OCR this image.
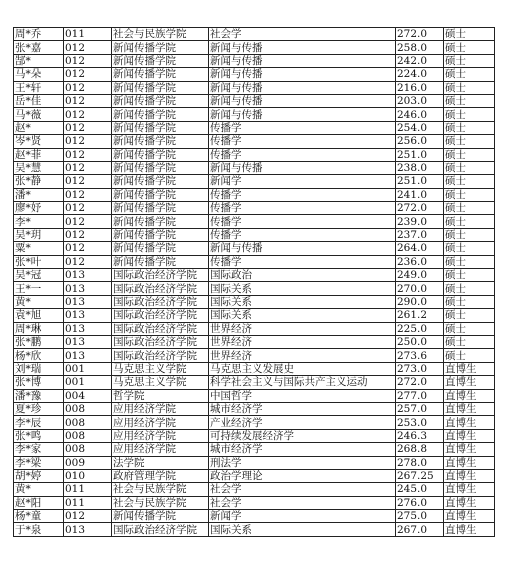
周*乔	011	社会与民族学院	社会学	272.0	硕士
张*嘉	012	新闻传播学院	新闻与传播	258.0	硕士
郜*	012	新闻传播学院	新闻与传播	242.0	硕士
马*朵	012	新闻传播学院	新闻与传播	224.0	硕士
王*轩	012	新闻传播学院	新闻与传播	216.0	硕士
岳*佳	012	新闻传播学院	新闻与传播	203.0	硕士
马*薇	012	新闻传播学院	新闻与传播	246.0	硕士
赵*	012	新闻传播学院	传播学	254.0	硕士
岑*贤	012	新闻传播学院	传播学	256.0	硕士
赵*菲	012	新闻传播学院	传播学	251.0	硕士
吴*慧	012	新闻传播学院	新闻与传播	238.0	硕士
张*静	012	新闻传播学院	新闻学	251.0	硕士
潘*	012	新闻传播学院	传播学	241.0	硕士
廖*妤	012	新闻传播学院	传播学	272.0	硕士
李*	012	新闻传播学院	传播学	239.0	硕士
吴*玥	012	新闻传播学院	传播学	237.0	硕士
粟*	012	新闻传播学院	新闻与传播	264.0	硕士
张*叶	012	新闻传播学院	传播学	236.0	硕士
吴*冠	013	国际政治经济学院	国际政治	249.0	硕士
王*一	013	国际政治经济学院	国际关系	270.0	硕士
黄*	013	国际政治经济学院	国际关系	290.0	硕士
袁*旭	013	国际政治经济学院	国际关系	261.2	硕士
周*琳	013	国际政治经济学院	世界经济	225.0	硕士
张*鹏	013	国际政治经济学院	世界经济	250.0	硕士
杨*欣	013	国际政治经济学院	世界经济	273.6	硕士
刘*瑞	001	马克思主义学院	马克思主义发展史	273.0	直博生
张*博	001	马克思主义学院	科学社会主义与国际共产主义运动	272.0	直博生
潘*豫	004	哲学院	中国哲学	277.0	直博生
夏*珍	008	应用经济学院	城市经济学	257.0	直博生
李*辰	008	应用经济学院	产业经济学	253.0	直博生
张*鸣	008	应用经济学院	可持续发展经济学	246.3	直博生
李*家	008	应用经济学院	城市经济学	268.8	直博生
李*梁	009	法学院	刑法学	278.0	直博生
胡*婷	010	政府管理学院	政治学理论	267.25	直博生
黄*	011	社会与民族学院	社会学	245.0	直博生
赵*阳	011	社会与民族学院	社会学	276.0	直博生
杨*童	012	新闻传播学院	新闻学	275.0	直博生
于*泉	013	国际政治经济学院	国际关系	267.0	直博生
